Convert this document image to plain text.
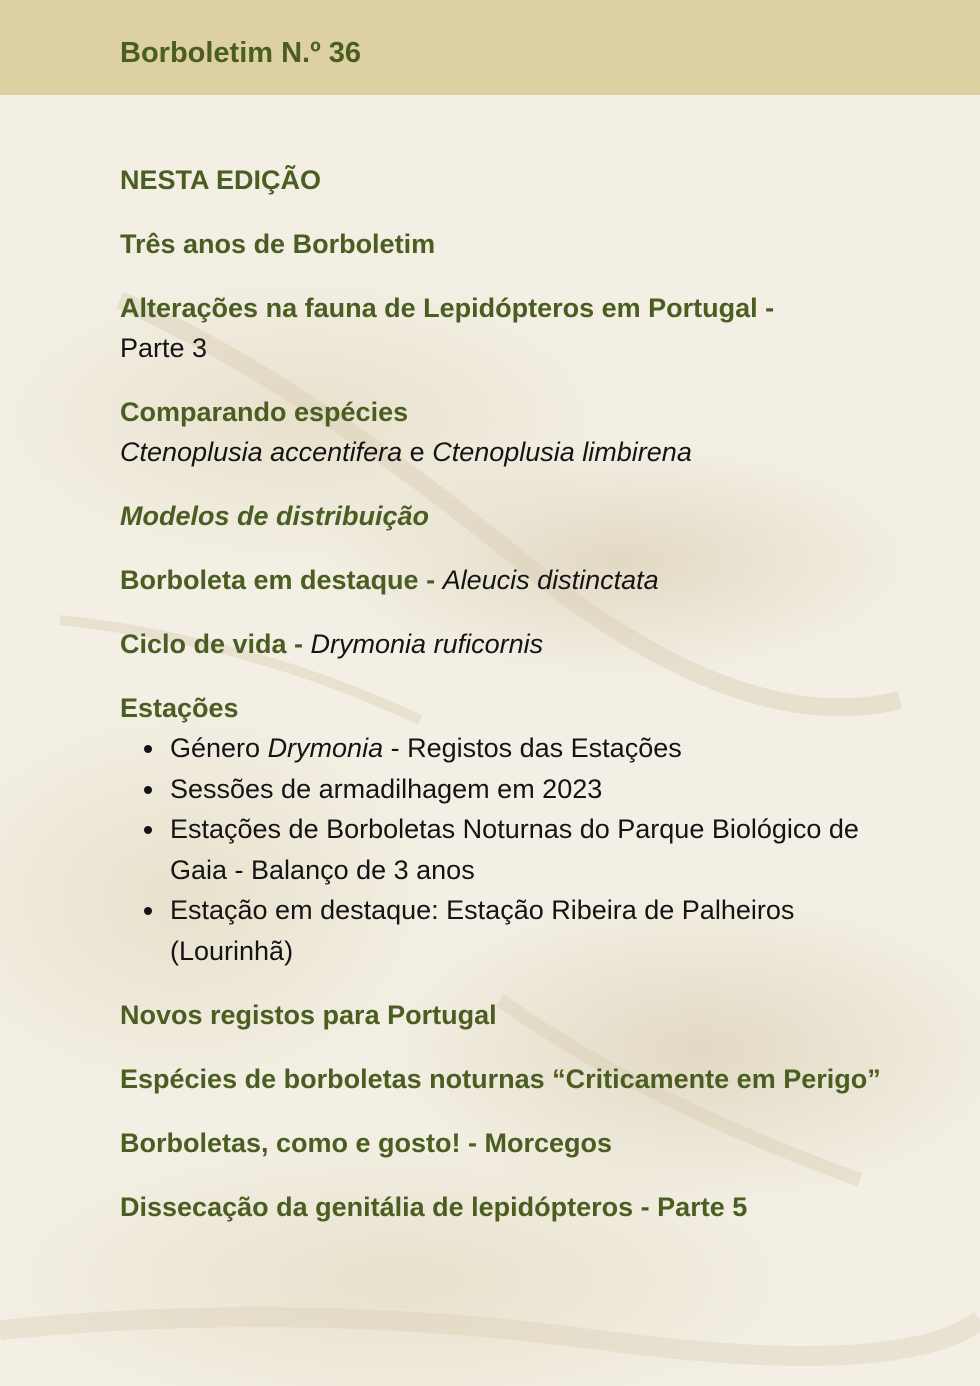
Borboletim N.º 36
NESTA EDIÇÃO
Três anos de Borboletim
Alterações na fauna de Lepidópteros em Portugal -
Parte 3
Comparando espécies
Ctenoplusia accentifera e Ctenoplusia limbirena
Modelos de distribuição
Borboleta em destaque - Aleucis distinctata
Ciclo de vida - Drymonia ruficornis
Estações
Género Drymonia - Registos das Estações
Sessões de armadilhagem em 2023
Estações de Borboletas Noturnas do Parque Biológico de Gaia - Balanço de 3 anos
Estação em destaque: Estação Ribeira de Palheiros (Lourinhã)
Novos registos para Portugal
Espécies de borboletas noturnas “Criticamente em Perigo”
Borboletas, como e gosto! - Morcegos
Dissecação da genitália de lepidópteros - Parte 5
